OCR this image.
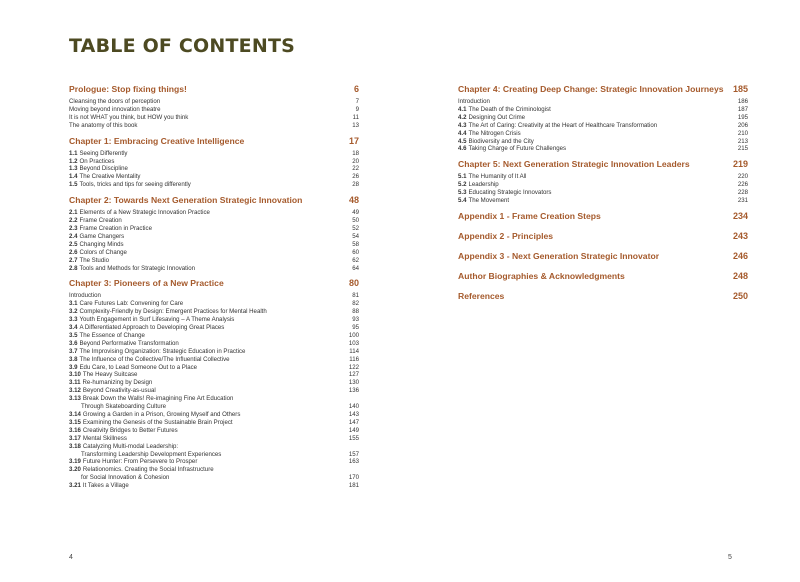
TABLE OF CONTENTS
Prologue: Stop fixing things!	6
Cleansing the doors of perception	7
Moving beyond innovation theatre	9
It is not WHAT you think, but HOW you think	11
The anatomy of this book	13
Chapter 1: Embracing Creative Intelligence	17
1.1 Seeing Differently	18
1.2 On Practices	20
1.3 Beyond Discipline	22
1.4 The Creative Mentality	26
1.5 Tools, tricks and tips for seeing differently	28
Chapter 2: Towards Next Generation Strategic Innovation	48
2.1 Elements of a New Strategic Innovation Practice	49
2.2 Frame Creation	50
2.3 Frame Creation in Practice	52
2.4 Game Changers	54
2.5 Changing Minds	58
2.6 Colors of Change	60
2.7 The Studio	62
2.8 Tools and Methods for Strategic Innovation	64
Chapter 3: Pioneers of a New Practice	80
Introduction	81
3.1 Care Futures Lab: Convening for Care	82
3.2 Complexity-Friendly by Design: Emergent Practices for Mental Health	88
3.3 Youth Engagement in Surf Lifesaving – A Theme Analysis	93
3.4 A Differentiated Approach to Developing Great Places	95
3.5 The Essence of Change	100
3.6 Beyond Performative Transformation	103
3.7 The Improvising Organization: Strategic Education in Practice	114
3.8 The Influence of the Collective/The Influential Collective	116
3.9 Edu Care, to Lead Someone Out to a Place	122
3.10 The Heavy Suitcase	127
3.11 Re-humanizing by Design	130
3.12 Beyond Creativity-as-usual	136
3.13 Break Down the Walls! Re-imagining Fine Art Education
Through Skateboarding Culture	140
3.14 Growing a Garden in a Prison, Growing Myself and Others	143
3.15 Examining the Genesis of the Sustainable Brain Project	147
3.16 Creativity Bridges to Better Futures	149
3.17 Mental Skillness	155
3.18 Catalyzing Multi-modal Leadership:
Transforming Leadership Development Experiences	157
3.19 Future Hunter: From Persevere to Prosper	163
3.20 Relationomics. Creating the Social Infrastructure
for Social Innovation & Cohesion	170
3.21 It Takes a Village	181
Chapter 4: Creating Deep Change: Strategic Innovation Journeys 185
Introduction	186
4.1 The Death of the Criminologist	187
4.2 Designing Out Crime	195
4.3 The Art of Caring: Creativity at the Heart of Healthcare Transformation	206
4.4 The Nitrogen Crisis	210
4.5 Biodiversity and the City	213
4.6 Taking Charge of Future Challenges	215
Chapter 5: Next Generation Strategic Innovation Leaders	219
5.1 The Humanity of It All	220
5.2 Leadership	226
5.3 Educating Strategic Innovators	228
5.4 The Movement	231
Appendix 1 - Frame Creation Steps	234
Appendix 2 - Principles	243
Appendix 3 - Next Generation Strategic Innovator	246
Author Biographies & Acknowledgments	248
References	250
4	5
